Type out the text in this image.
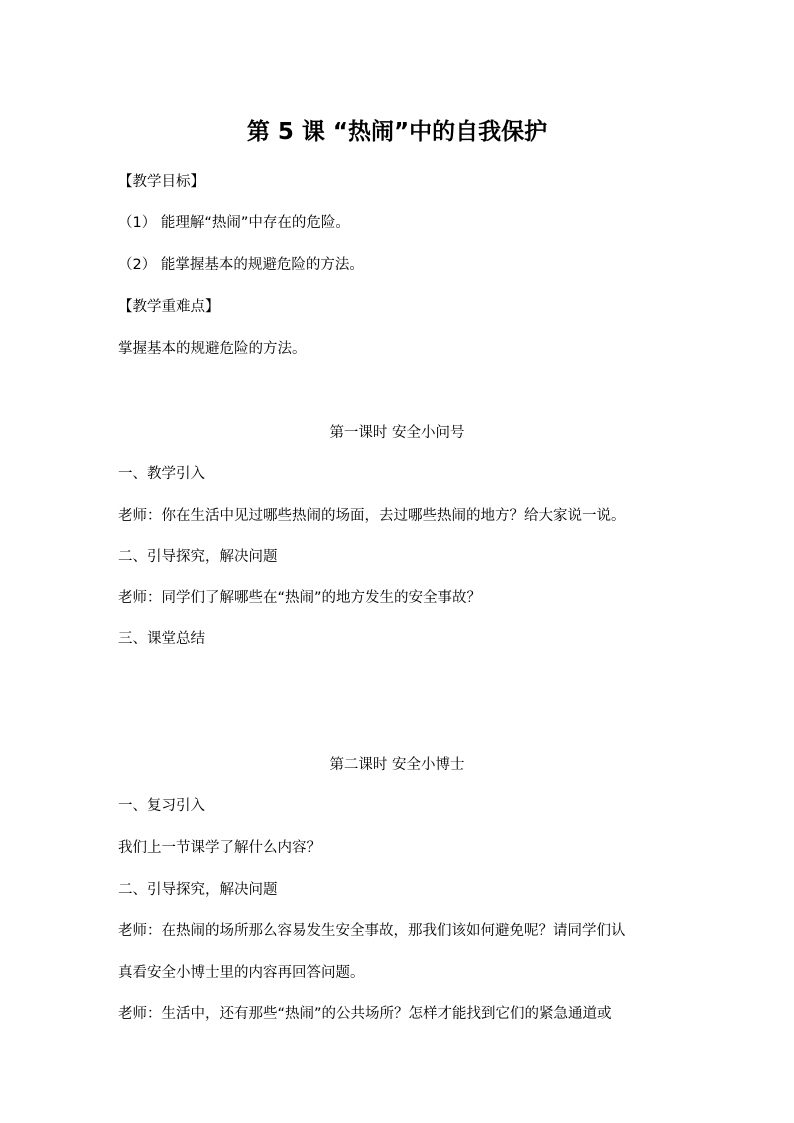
第 5 课 “热闹”中的自我保护
【教学目标】
（1） 能理解“热闹”中存在的危险。
（2） 能掌握基本的规避危险的方法。
【教学重难点】
掌握基本的规避危险的方法。
第一课时 安全小问号
一、教学引入
老师：你在生活中见过哪些热闹的场面，去过哪些热闹的地方？给大家说一说。
二、引导探究，解决问题
老师：同学们了解哪些在“热闹”的地方发生的安全事故？
三、课堂总结
第二课时 安全小博士
一、复习引入
我们上一节课学了解什么内容？
二、引导探究，解决问题
老师：在热闹的场所那么容易发生安全事故，那我们该如何避免呢？请同学们认
真看安全小博士里的内容再回答问题。
老师：生活中，还有那些“热闹”的公共场所？怎样才能找到它们的紧急通道或
